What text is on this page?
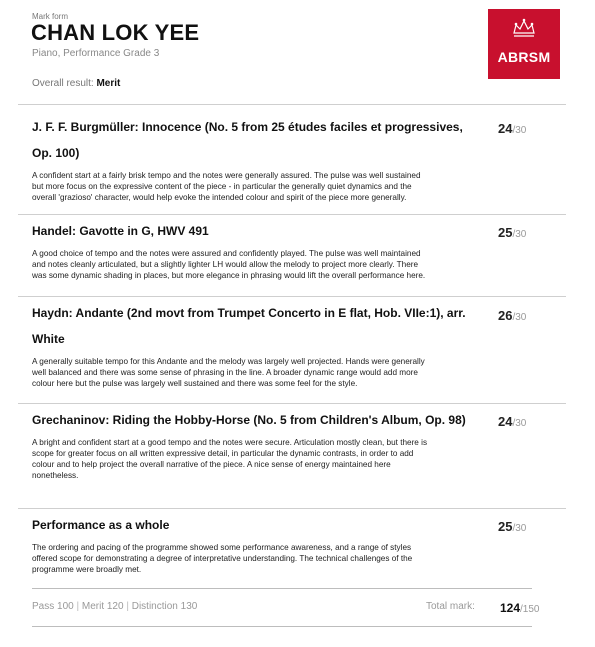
Mark form
CHAN LOK YEE
Piano, Performance Grade 3
Overall result: Merit
ABRSM
J. F. F. Burgmüller: Innocence (No. 5 from 25 études faciles et progressives, Op. 100)
A confident start at a fairly brisk tempo and the notes were generally assured. The pulse was well sustained but more focus on the expressive content of the piece - in particular the generally quiet dynamics and the overall 'grazioso' character, would help evoke the intended colour and spirit of the piece more generally.
24/30
Handel: Gavotte in G, HWV 491
A good choice of tempo and the notes were assured and confidently played. The pulse was well maintained and notes cleanly articulated, but a slightly lighter LH would allow the melody to project more clearly. There was some dynamic shading in places, but more elegance in phrasing would lift the overall performance here.
25/30
Haydn: Andante (2nd movt from Trumpet Concerto in E flat, Hob. VIIe:1), arr. White
A generally suitable tempo for this Andante and the melody was largely well projected. Hands were generally well balanced and there was some sense of phrasing in the line. A broader dynamic range would add more colour here but the pulse was largely well sustained and there was some feel for the style.
26/30
Grechaninov: Riding the Hobby-Horse (No. 5 from Children's Album, Op. 98)
A bright and confident start at a good tempo and the notes were secure. Articulation mostly clean, but there is scope for greater focus on all written expressive detail, in particular the dynamic contrasts, in order to add colour and to help project the overall narrative of the piece. A nice sense of energy maintained here nonetheless.
24/30
Performance as a whole
The ordering and pacing of the programme showed some performance awareness, and a range of styles offered scope for demonstrating a degree of interpretative understanding. The technical challenges of the programme were broadly met.
25/30
Pass 100 | Merit 120 | Distinction 130	Total mark: 124/150
